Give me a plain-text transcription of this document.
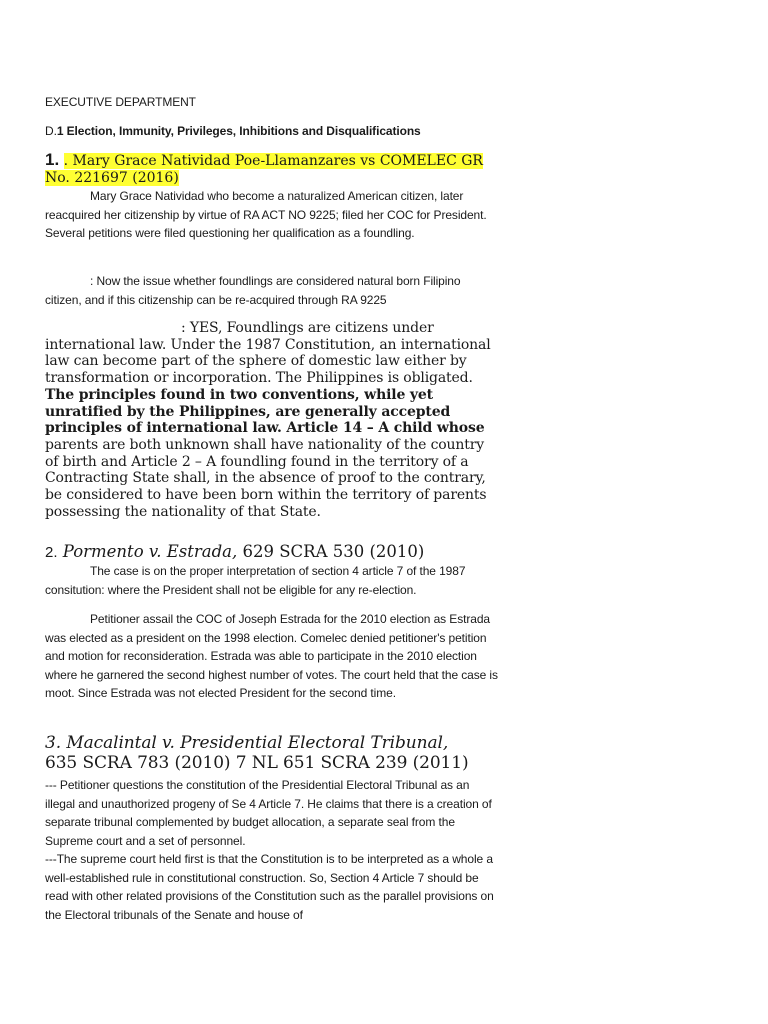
EXECUTIVE DEPARTMENT

D.1 Election, Immunity, Privileges, Inhibitions and Disqualifications

1. . Mary Grace Natividad Poe-Llamanzares vs COMELEC GR No. 221697 (2016)

Mary Grace Natividad who become a naturalized American citizen, later reacquired her citizenship by virtue of RA ACT NO 9225; filed her COC for President. Several petitions were filed questioning her qualification as a foundling.

: Now the issue whether foundlings are considered natural born Filipino citizen, and if this citizenship can be re-acquired through RA 9225

: YES, Foundlings are citizens under international law. Under the 1987 Constitution, an international law can become part of the sphere of domestic law either by transformation or incorporation. The Philippines is obligated. The principles found in two conventions, while yet unratified by the Philippines, are generally accepted principles of international law. Article 14 – A child whose parents are both unknown shall have nationality of the country of birth and Article 2 – A foundling found in the territory of a Contracting State shall, in the absence of proof to the contrary, be considered to have been born within the territory of parents possessing the nationality of that State.

2. Pormento v. Estrada, 629 SCRA 530 (2010)

The case is on the proper interpretation of section 4 article 7 of the 1987 consitution: where the President shall not be eligible for any re-election.

Petitioner assail the COC of Joseph Estrada for the 2010 election as Estrada was elected as a president on the 1998 election. Comelec denied petitioner's petition and motion for reconsideration. Estrada was able to participate in the 2010 election where he garnered the second highest number of votes. The court held that the case is moot. Since Estrada was not elected President for the second time.

3. Macalintal v. Presidential Electoral Tribunal,
635 SCRA 783 (2010) 7 NL 651 SCRA 239 (2011)

--- Petitioner questions the constitution of the Presidential Electoral Tribunal as an illegal and unauthorized progeny of Se 4 Article 7. He claims that there is a creation of separate tribunal complemented by budget allocation, a separate seal from the Supreme court and a set of personnel.

---The supreme court held first is that the Constitution is to be interpreted as a whole a well-established rule in constitutional construction. So, Section 4 Article 7 should be read with other related provisions of the Constitution such as the parallel provisions on the Electoral tribunals of the Senate and house of
